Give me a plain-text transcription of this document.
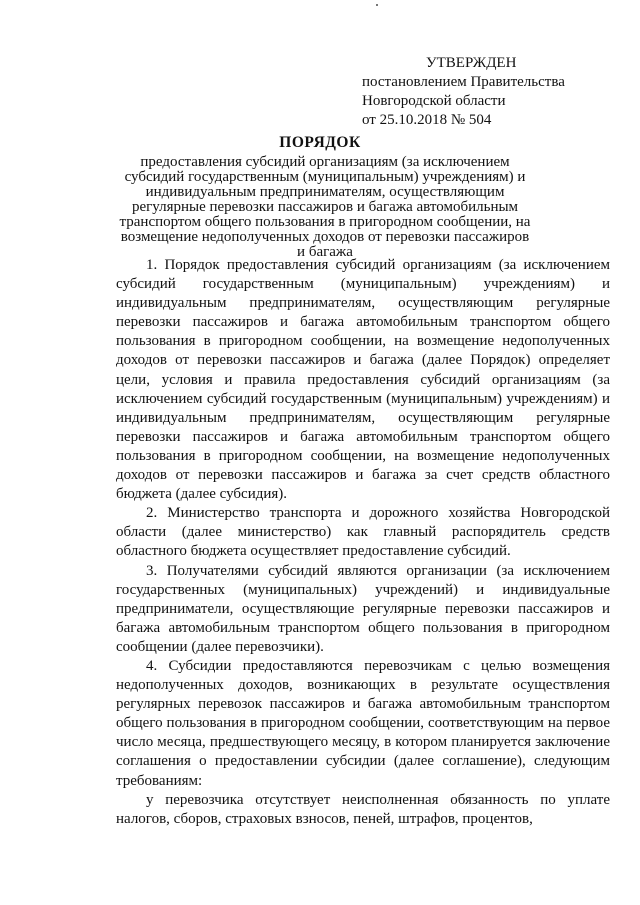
УТВЕРЖДЕН
постановлением Правительства
Новгородской области
от 25.10.2018 № 504
ПОРЯДОК
предоставления субсидий организациям (за исключением субсидий государственным (муниципальным) учреждениям) и индивидуальным предпринимателям, осуществляющим регулярные перевозки пассажиров и багажа автомобильным транспортом общего пользования в пригородном сообщении, на возмещение недополученных доходов от перевозки пассажиров и багажа

1. Порядок предоставления субсидий организациям (за исключением субсидий государственным (муниципальным) учреждениям) и индивидуальным предпринимателям, осуществляющим регулярные перевозки пассажиров и багажа автомобильным транспортом общего пользования в пригородном сообщении, на возмещение недополученных доходов от перевозки пассажиров и багажа (далее Порядок) определяет цели, условия и правила предоставления субсидий организациям (за исключением субсидий государственным (муниципальным) учреждениям) и индивидуальным предпринимателям, осуществляющим регулярные перевозки пассажиров и багажа автомобильным транспортом общего пользования в пригородном сообщении, на возмещение недополученных доходов от перевозки пассажиров и багажа за счет средств областного бюджета (далее субсидия).

2. Министерство транспорта и дорожного хозяйства Новгородской области (далее министерство) как главный распорядитель средств областного бюджета осуществляет предоставление субсидий.

3. Получателями субсидий являются организации (за исключением государственных (муниципальных) учреждений) и индивидуальные предприниматели, осуществляющие регулярные перевозки пассажиров и багажа автомобильным транспортом общего пользования в пригородном сообщении (далее перевозчики).

4. Субсидии предоставляются перевозчикам с целью возмещения недополученных доходов, возникающих в результате осуществления регулярных перевозок пассажиров и багажа автомобильным транспортом общего пользования в пригородном сообщении, соответствующим на первое число месяца, предшествующего месяцу, в котором планируется заключение соглашения о предоставлении субсидии (далее соглашение), следующим требованиям:

у перевозчика отсутствует неисполненная обязанность по уплате налогов, сборов, страховых взносов, пеней, штрафов, процентов,
